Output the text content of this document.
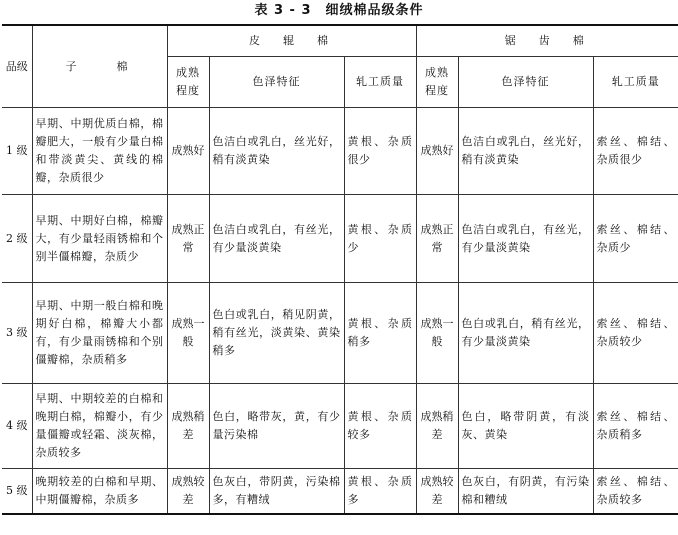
表 3 - 3　细绒棉品级条件
品级	子　　棉	皮　辊　棉			锯　齿　棉		
		成熟程度	色泽特征	轧工质量	成熟程度	色泽特征	轧工质量
1 级	早期、中期优质白棉，棉瓣肥大，一般有少量白棉和带淡黄尖、黄线的棉瓣，杂质很少	成熟好	色洁白或乳白，丝光好，稍有淡黄染	黄根、杂质很少	成熟好	色洁白或乳白，丝光好，稍有淡黄染	索丝、棉结、杂质很少
2 级	早期、中期好白棉，棉瓣大，有少量轻雨锈棉和个别半僵棉瓣，杂质少	成熟正常	色洁白或乳白，有丝光，有少量淡黄染	黄根、杂质少	成熟正常	色洁白或乳白，有丝光，有少量淡黄染	索丝、棉结、杂质少
3 级	早期、中期一般白棉和晚期好白棉，棉瓣大小都有，有少量雨锈棉和个别僵瓣棉，杂质稍多	成熟一般	色白或乳白，稍见阴黄，稍有丝光，淡黄染、黄染稍多	黄根、杂质稍多	成熟一般	色白或乳白，稍有丝光，有少量淡黄染	索丝、棉结、杂质较少
4 级	早期、中期较差的白棉和晚期白棉，棉瓣小，有少量僵瓣或轻霜、淡灰棉，杂质较多	成熟稍差	色白，略带灰，黄，有少量污染棉	黄根、杂质较多	成熟稍差	色白，略带阴黄，有淡灰、黄染	索丝、棉结、杂质稍多
5 级	晚期较差的白棉和早期、中期僵瓣棉，杂质多	成熟较差	色灰白，带阴黄，污染棉多，有糟绒	黄根、杂质多	成熟较差	色灰白，有阴黄，有污染棉和糟绒	索丝、棉结、杂质较多
